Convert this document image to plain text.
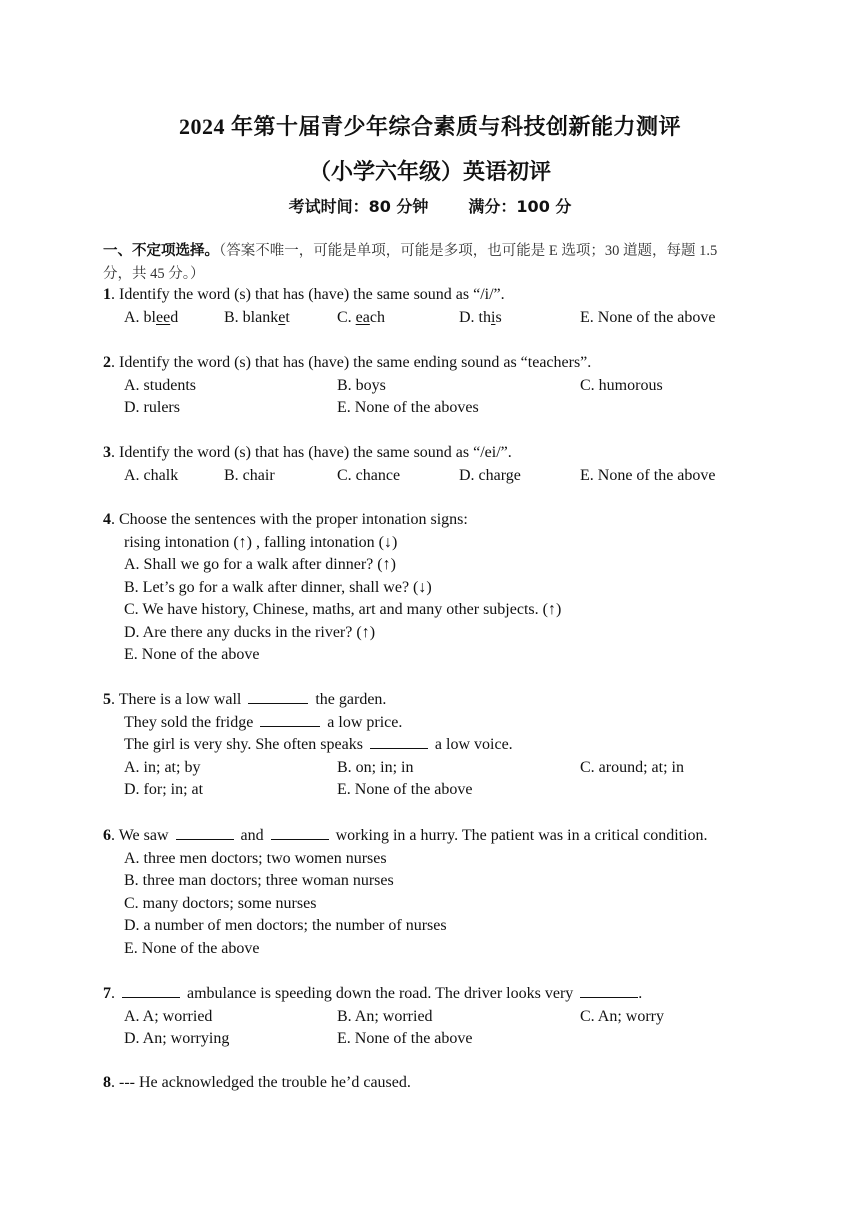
2024 年第十届青少年综合素质与科技创新能力测评
（小学六年级）英语初评
考试时间：80 分钟	满分：100 分
一、不定项选择。（答案不唯一，可能是单项，可能是多项，也可能是 E 选项；30 道题，每题 1.5
分，共 45 分。）
1. Identify the word (s) that has (have) the same sound as “/i/”.
A. bleed	B. blanket	C. each	D. this	E. None of the above
2. Identify the word (s) that has (have) the same ending sound as “teachers”.
A. students	B. boys	C. humorous
D. rulers	E. None of the aboves
3. Identify the word (s) that has (have) the same sound as “/ei/”.
A. chalk	B. chair	C. chance	D. charge	E. None of the above
4. Choose the sentences with the proper intonation signs:
rising intonation (↑) , falling intonation (↓)
A. Shall we go for a walk after dinner? (↑)
B. Let’s go for a walk after dinner, shall we? (↓)
C. We have history, Chinese, maths, art and many other subjects. (↑)
D. Are there any ducks in the river? (↑)
E. None of the above
5. There is a low wall	the garden.
They sold the fridge	a low price.
The girl is very shy. She often speaks	a low voice.
A. in; at; by	B. on; in; in	C. around; at; in
D. for; in; at	E. None of the above
6. We saw	and	working in a hurry. The patient was in a critical condition.
A. three men doctors; two women nurses
B. three man doctors; three woman nurses
C. many doctors; some nurses
D. a number of men doctors; the number of nurses
E. None of the above
7.	ambulance is speeding down the road. The driver looks very	.
A. A; worried	B. An; worried	C. An; worry
D. An; worrying	E. None of the above
8. --- He acknowledged the trouble he’d caused.
